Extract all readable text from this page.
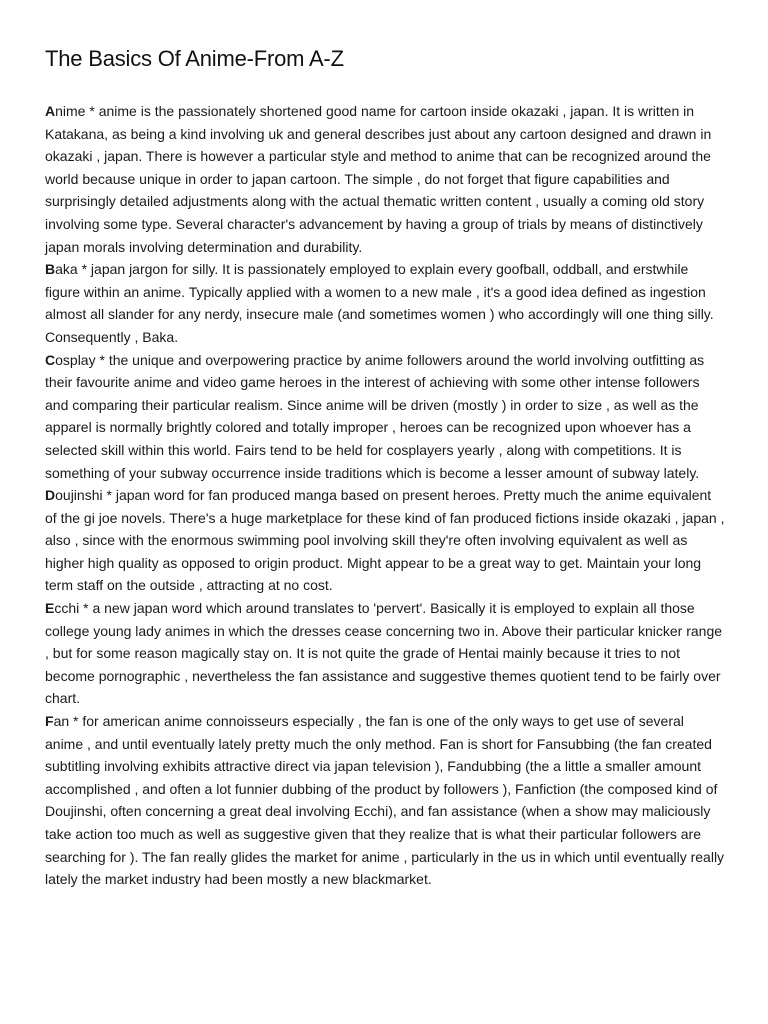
The Basics Of Anime-From A-Z

Anime * anime is the passionately shortened good name for cartoon inside okazaki , japan. It is written in Katakana, as being a kind involving uk and general describes just about any cartoon designed and drawn in okazaki , japan. There is however a particular style and method to anime that can be recognized around the world because unique in order to japan cartoon. The simple , do not forget that figure capabilities and surprisingly detailed adjustments along with the actual thematic written content , usually a coming old story involving some type. Several character's advancement by having a group of trials by means of distinctively japan morals involving determination and durability.

Baka * japan jargon for silly. It is passionately employed to explain every goofball, oddball, and erstwhile figure within an anime. Typically applied with a women to a new male , it's a good idea defined as ingestion almost all slander for any nerdy, insecure male (and sometimes women ) who accordingly will one thing silly. Consequently , Baka.

Cosplay * the unique and overpowering practice by anime followers around the world involving outfitting as their favourite anime and video game heroes in the interest of achieving with some other intense followers and comparing their particular realism. Since anime will be driven (mostly ) in order to size , as well as the apparel is normally brightly colored and totally improper , heroes can be recognized upon whoever has a selected skill within this world. Fairs tend to be held for cosplayers yearly , along with competitions. It is something of your subway occurrence inside traditions which is become a lesser amount of subway lately.

Doujinshi * japan word for fan produced manga based on present heroes. Pretty much the anime equivalent of the gi joe novels. There's a huge marketplace for these kind of fan produced fictions inside okazaki , japan , also , since with the enormous swimming pool involving skill they're often involving equivalent as well as higher high quality as opposed to origin product. Might appear to be a great way to get. Maintain your long term staff on the outside , attracting at no cost.

Ecchi * a new japan word which around translates to 'pervert'. Basically it is employed to explain all those college young lady animes in which the dresses cease concerning two in. Above their particular knicker range , but for some reason magically stay on. It is not quite the grade of Hentai mainly because it tries to not become pornographic , nevertheless the fan assistance and suggestive themes quotient tend to be fairly over chart.

Fan * for american anime connoisseurs especially , the fan is one of the only ways to get use of several anime , and until eventually lately pretty much the only method. Fan is short for Fansubbing (the fan created subtitling involving exhibits attractive direct via japan television ), Fandubbing (the a little a smaller amount accomplished , and often a lot funnier dubbing of the product by followers ), Fanfiction (the composed kind of Doujinshi, often concerning a great deal involving Ecchi), and fan assistance (when a show may maliciously take action too much as well as suggestive given that they realize that is what their particular followers are searching for ). The fan really glides the market for anime , particularly in the us in which until eventually really lately the market industry had been mostly a new blackmarket.
